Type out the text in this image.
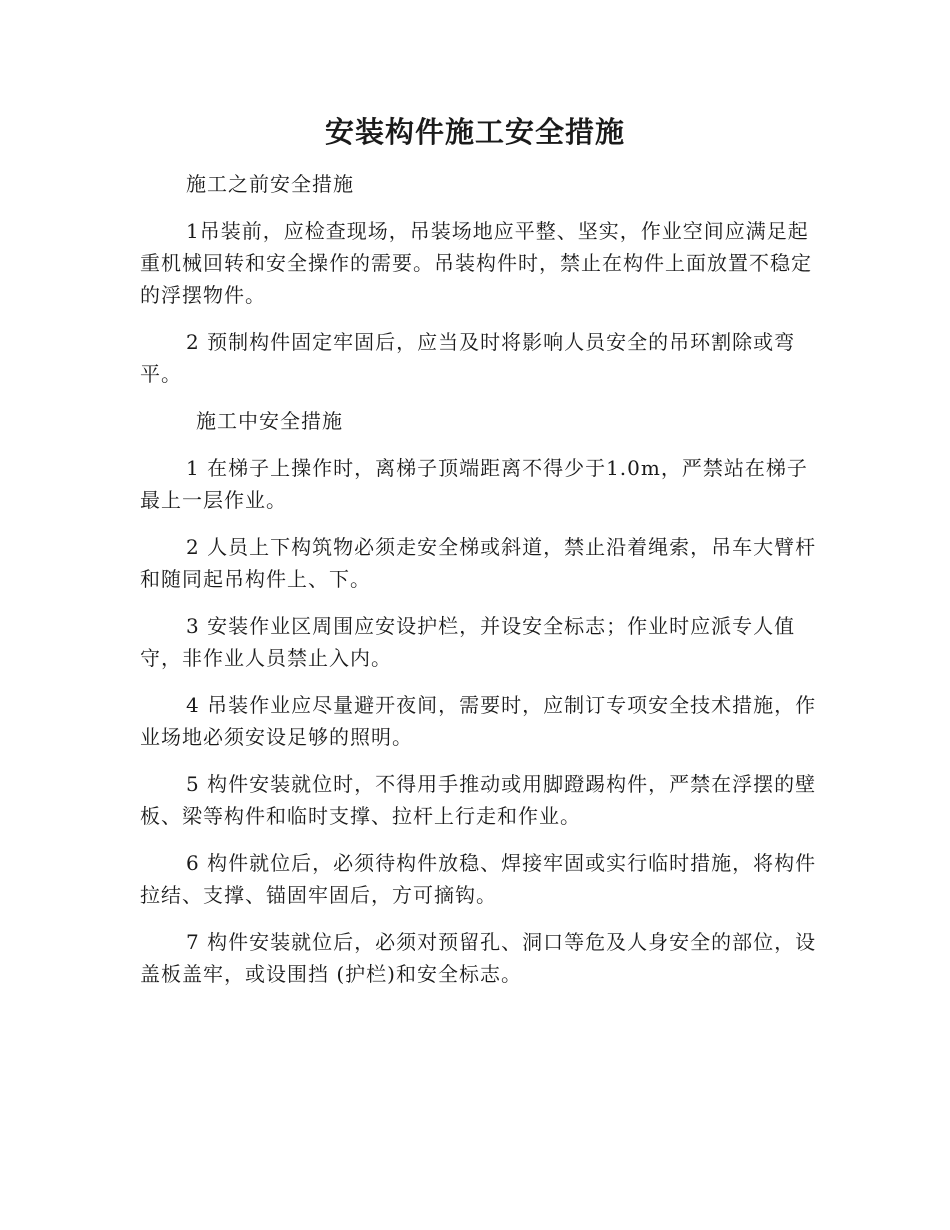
安装构件施工安全措施

施工之前安全措施

1吊装前，应检查现场，吊装场地应平整、坚实，作业空间应满足起重机械回转和安全操作的需要。吊装构件时，禁止在构件上面放置不稳定的浮摆物件。

2 预制构件固定牢固后，应当及时将影响人员安全的吊环割除或弯平。

施工中安全措施

1 在梯子上操作时，离梯子顶端距离不得少于1.0m，严禁站在梯子最上一层作业。

2 人员上下构筑物必须走安全梯或斜道，禁止沿着绳索，吊车大臂杆和随同起吊构件上、下。

3 安装作业区周围应安设护栏，并设安全标志；作业时应派专人值守，非作业人员禁止入内。

4 吊装作业应尽量避开夜间，需要时，应制订专项安全技术措施，作业场地必须安设足够的照明。

5 构件安装就位时，不得用手推动或用脚蹬踢构件，严禁在浮摆的壁板、梁等构件和临时支撑、拉杆上行走和作业。

6 构件就位后，必须待构件放稳、焊接牢固或实行临时措施，将构件拉结、支撑、锚固牢固后，方可摘钩。

7 构件安装就位后，必须对预留孔、洞口等危及人身安全的部位，设盖板盖牢，或设围挡 (护栏)和安全标志。
